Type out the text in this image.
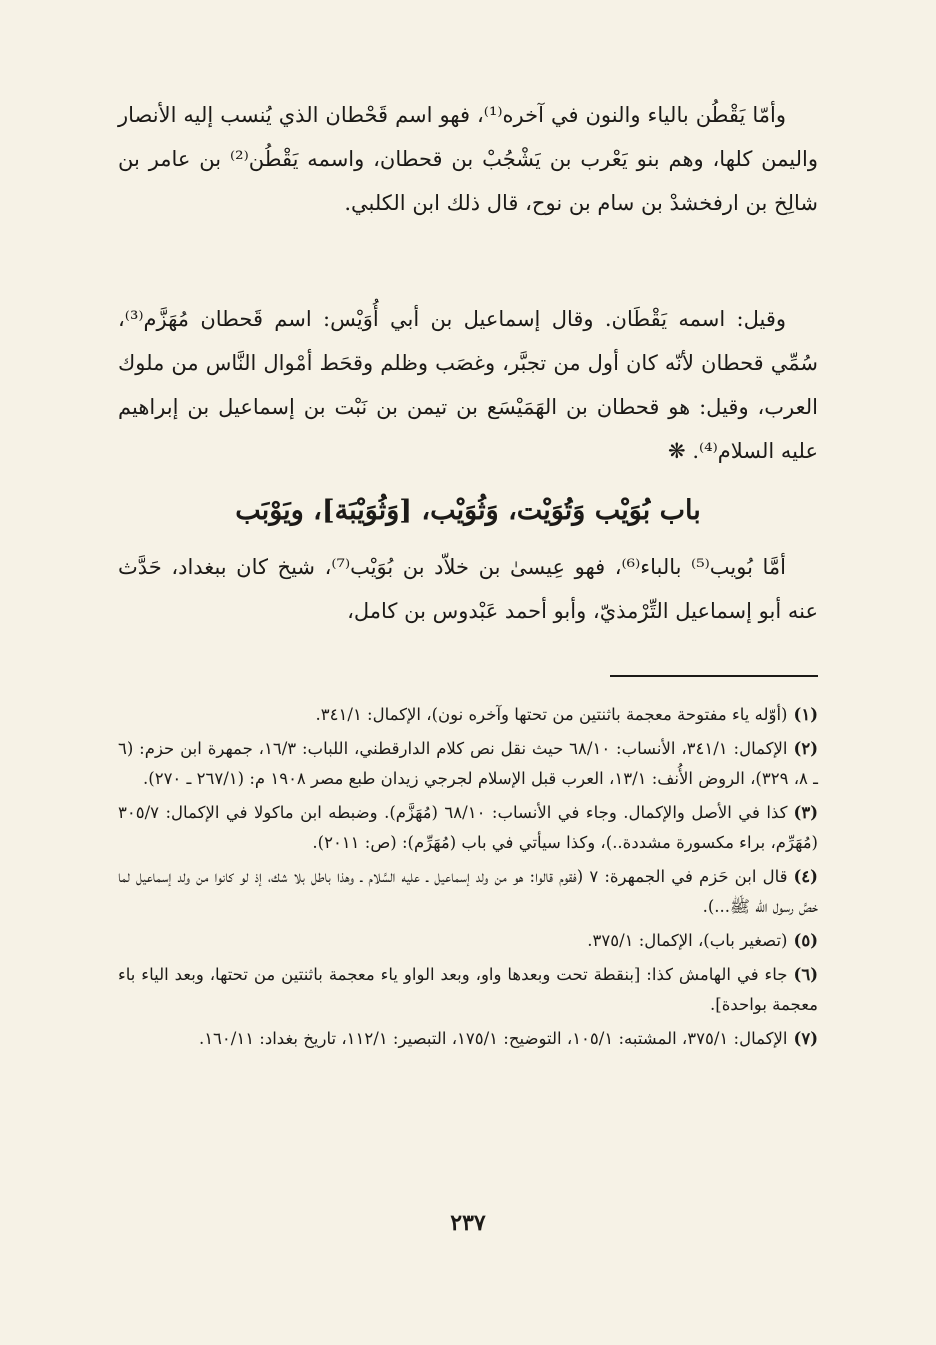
وأمّا يَقْطُن بالياء والنون في آخره⁽¹⁾، فهو اسم قَحْطان الذي يُنسب إليه الأنصار واليمن كلها، وهم بنو يَعْرب بن يَشْجُبْ بن قحطان، واسمه يَقْطُن⁽²⁾ بن عامر بن شالِخ بن ارفخشدْ بن سام بن نوح، قال ذلك ابن الكلبي.

وقيل: اسمه يَقْطَان. وقال إسماعيل بن أبي أُوَيْس: اسم قَحطان مُهَزَّم⁽³⁾، سُمِّي قحطان لأنّه كان أول من تجبَّر، وغصَب وظلم وقحَط أمْوال النَّاس من ملوك العرب، وقيل: هو قحطان بن الهَمَيْسَع بن تيمن بن نَبْت بن إسماعيل بن إبراهيم عليه السلام⁽⁴⁾. ❋

باب بُوَيْب وَتُوَيْت، وَثُوَيْب، [وَثُوَيْبَة]، ويَوْبَب

أمَّا بُويب⁽⁵⁾ بالباء⁽⁶⁾، فهو عِيسىٰ بن خلاّد بن بُوَيْب⁽⁷⁾، شيخ كان ببغداد، حَدَّث عنه أبو إسماعيل التِّرْمذيّ، وأبو أحمد عَبْدوس بن كامل،

(١)(أوّله ياء مفتوحة معجمة باثنتين من تحتها وآخره نون)، الإكمال: ٣٤١/١.
(٢)الإكمال: ٣٤١/١، الأنساب: ٦٨/١٠ حيث نقل نص كلام الدارقطني، اللباب: ١٦/٣، جمهرة ابن حزم: (٦ ـ ٨، ٣٢٩)، الروض الأُنف: ١٣/١، العرب قبل الإسلام لجرجي زيدان طبع مصر ١٩٠٨ م: (٢٦٧/١ ـ ٢٧٠).
(٣)كذا في الأصل والإكمال. وجاء في الأنساب: ٦٨/١٠ (مُهَزَّم). وضبطه ابن ماكولا في الإكمال: ٣٠٥/٧ (مُهَرِّم، براء مكسورة مشددة..)، وكذا سيأتي في باب (مُهَرِّم): (ص: ٢٠١١).
(٤)قال ابن حَزم في الجمهرة: ٧ (فقوم قالوا: هو من ولد إسماعيل ـ عليه السَّلام ـ وهذا باطل بلا شك، إذ لو كانوا من ولد إسماعيل لما خصَّ رسول الله ﷺ...).
(٥)(تصغير باب)، الإكمال: ٣٧٥/١.
(٦)جاء في الهامش كذا: [بنقطة تحت وبعدها واو، وبعد الواو ياء معجمة باثنتين من تحتها، وبعد الياء باء معجمة بواحدة].
(٧)الإكمال: ٣٧٥/١، المشتبه: ١٠٥/١، التوضيح: ١٧٥/١، التبصير: ١١٢/١، تاريخ بغداد: ١٦٠/١١.
٢٣٧
